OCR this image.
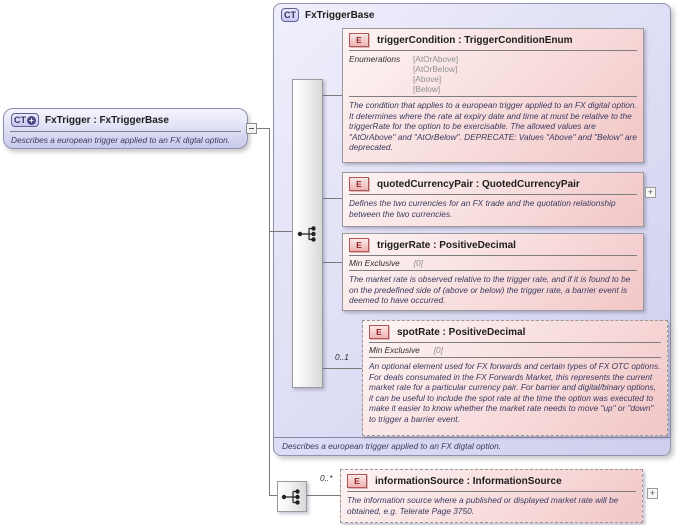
CT + FxTrigger : FxTriggerBase
Describes a european trigger applied to an FX digtal option.
CT FxTriggerBase
Describes a european trigger applied to an FX digtal option.
E	triggerCondition : TriggerConditionEnum
Enumerations	[AtOrAbove]
[AtOrBelow]
[Above]
[Below]
The condition that applies to a european trigger applied to an FX digital option. It determines where the rate at expiry date and time at must be relative to the triggerRate for the option to be exercisable. The allowed values are "AtOrAbove" and "AtOrBelow". DEPRECATE: Values "Above" and "Below" are deprecated.
E	quotedCurrencyPair : QuotedCurrencyPair
Defines the two currencies for an FX trade and the quotation relationship between the two currencies.
E	triggerRate : PositiveDecimal
Min Exclusive [0]
The market rate is observed relative to the trigger rate, and if it is found to be on the predefined side of (above or below) the trigger rate, a barrier event is deemed to have occurred.
E	spotRate : PositiveDecimal
Min Exclusive [0]
An optional element used for FX forwards and certain types of FX OTC options. For deals consumated in the FX Forwards Market, this represents the current market rate for a particular currency pair. For barrier and digital/binary options, it can be useful to include the spot rate at the time the option was executed to make it easier to know whether the market rate needs to move "up" or "down" to trigger a barrier event.
E	informationSource : InformationSource
The information source where a published or displayed market rate will be obtained, e.g. Telerate Page 3750.
0..1
0..*
+
+
